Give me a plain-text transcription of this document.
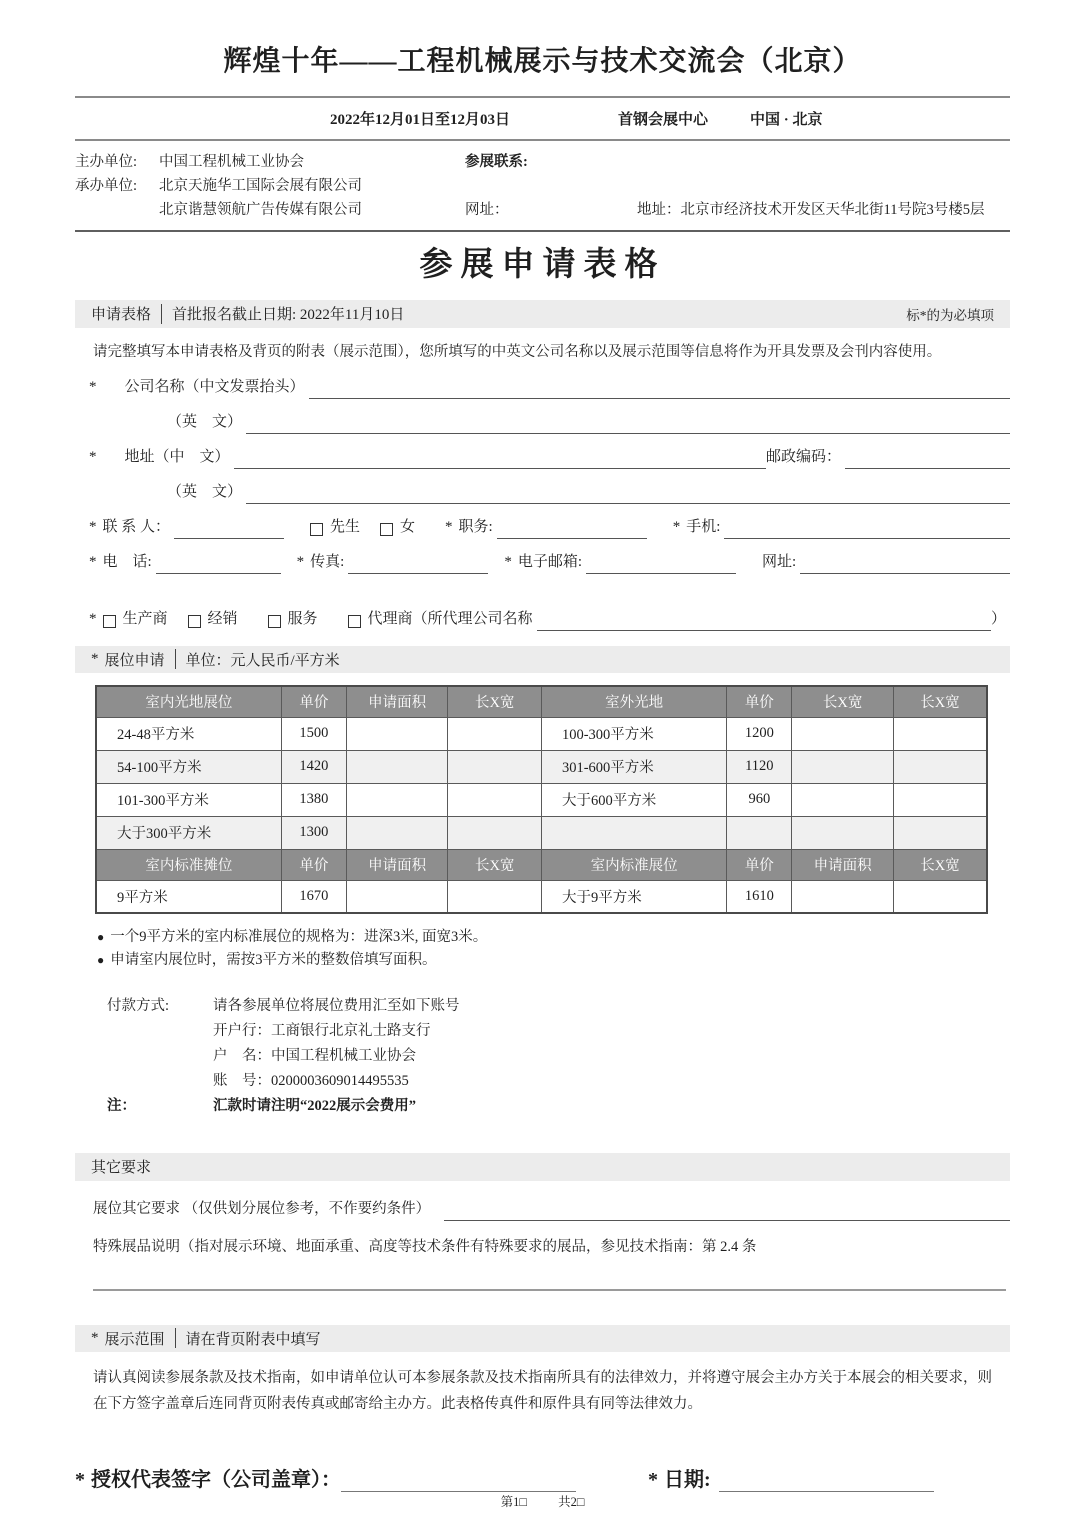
辉煌十年——工程机械展示与技术交流会（北京）
2022年12月01日至12月03日	首钢会展中心	中国 · 北京
主办单位:	中国工程机械工业协会
承办单位:	北京天施华工国际会展有限公司
北京谐慧领航广告传媒有限公司
参展联系:
网址：	地址：北京市经济技术开发区天华北街11号院3号楼5层
参展申请表格
申请表格 首批报名截止日期: 2022年11月10日	标*的为必填项

请完整填写本申请表格及背页的附表（展示范围），您所填写的中英文公司名称以及展示范围等信息将作为开具发票及会刊内容使用。

* 公司名称（中文发票抬头）
（英　文）
* 地址（中　文）	邮政编码：
（英　文）
* 联 系 人：	先生	女 * 职务:	* 手机:
* 电　话:	* 传真:	* 电子邮箱:	网址:
* 生产商	经销	服务	代理商（所代理公司名称	）
* 展位申请 单位：元人民币/平方米
室内光地展位	单价	申请面积	长X宽	室外光地	单价	长X宽	长X宽
24-48平方米	1500			100-300平方米	1200		
54-100平方米	1420			301-600平方米	1120		
101-300平方米	1380			大于600平方米	960		
大于300平方米	1300						
室内标准摊位	单价	申请面积	长X宽	室内标准展位	单价	申请面积	长X宽
9平方米	1670			大于9平方米	1610		
● 一个9平方米的室内标准展位的规格为：进深3米, 面宽3米。
● 申请室内展位时，需按3平方米的整数倍填写面积。
付款方式:	请各参展单位将展位费用汇至如下账号
开户行： 工商银行北京礼士路支行
户　名： 中国工程机械工业协会
账　号： 0200003609014495535
注：	汇款时请注明“2022展示会费用”
其它要求
展位其它要求 （仅供划分展位参考，不作要约条件）
特殊展品说明（指对展示环境、地面承重、高度等技术条件有特殊要求的展品，参见技术指南：第 2.4 条
* 展示范围 请在背页附表中填写

请认真阅读参展条款及技术指南，如申请单位认可本参展条款及技术指南所具有的法律效力，并将遵守展会主办方关于本展会的相关要求，则在下方签字盖章后连同背页附表传真或邮寄给主办方。此表格传真件和原件具有同等法律效力。

* 授权代表签字（公司盖章）：	* 日期:
第1□ 共2□
